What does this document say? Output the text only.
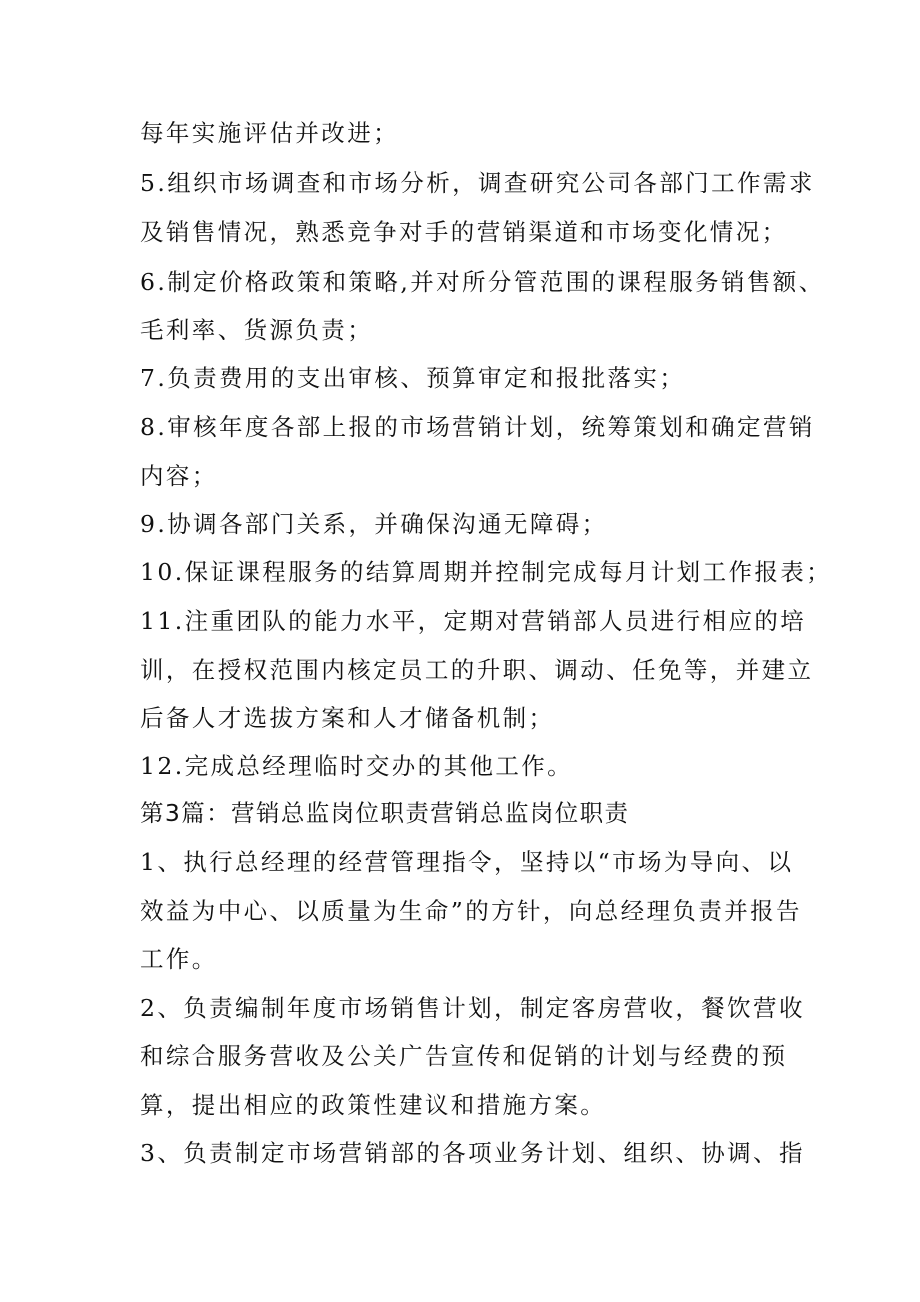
每年实施评估并改进；

5.组织市场调查和市场分析，调查研究公司各部门工作需求

及销售情况，熟悉竞争对手的营销渠道和市场变化情况；

6.制定价格政策和策略,并对所分管范围的课程服务销售额、

毛利率、货源负责；

7.负责费用的支出审核、预算审定和报批落实；

8.审核年度各部上报的市场营销计划，统筹策划和确定营销

内容；

9.协调各部门关系，并确保沟通无障碍；

10.保证课程服务的结算周期并控制完成每月计划工作报表；

11.注重团队的能力水平，定期对营销部人员进行相应的培

训，在授权范围内核定员工的升职、调动、任免等，并建立

后备人才选拔方案和人才储备机制；

12.完成总经理临时交办的其他工作。

第3篇：营销总监岗位职责营销总监岗位职责

1、执行总经理的经营管理指令，坚持以“市场为导向、以

效益为中心、以质量为生命”的方针，向总经理负责并报告

工作。

2、负责编制年度市场销售计划，制定客房营收，餐饮营收

和综合服务营收及公关广告宣传和促销的计划与经费的预

算，提出相应的政策性建议和措施方案。

3、负责制定市场营销部的各项业务计划、组织、协调、指
